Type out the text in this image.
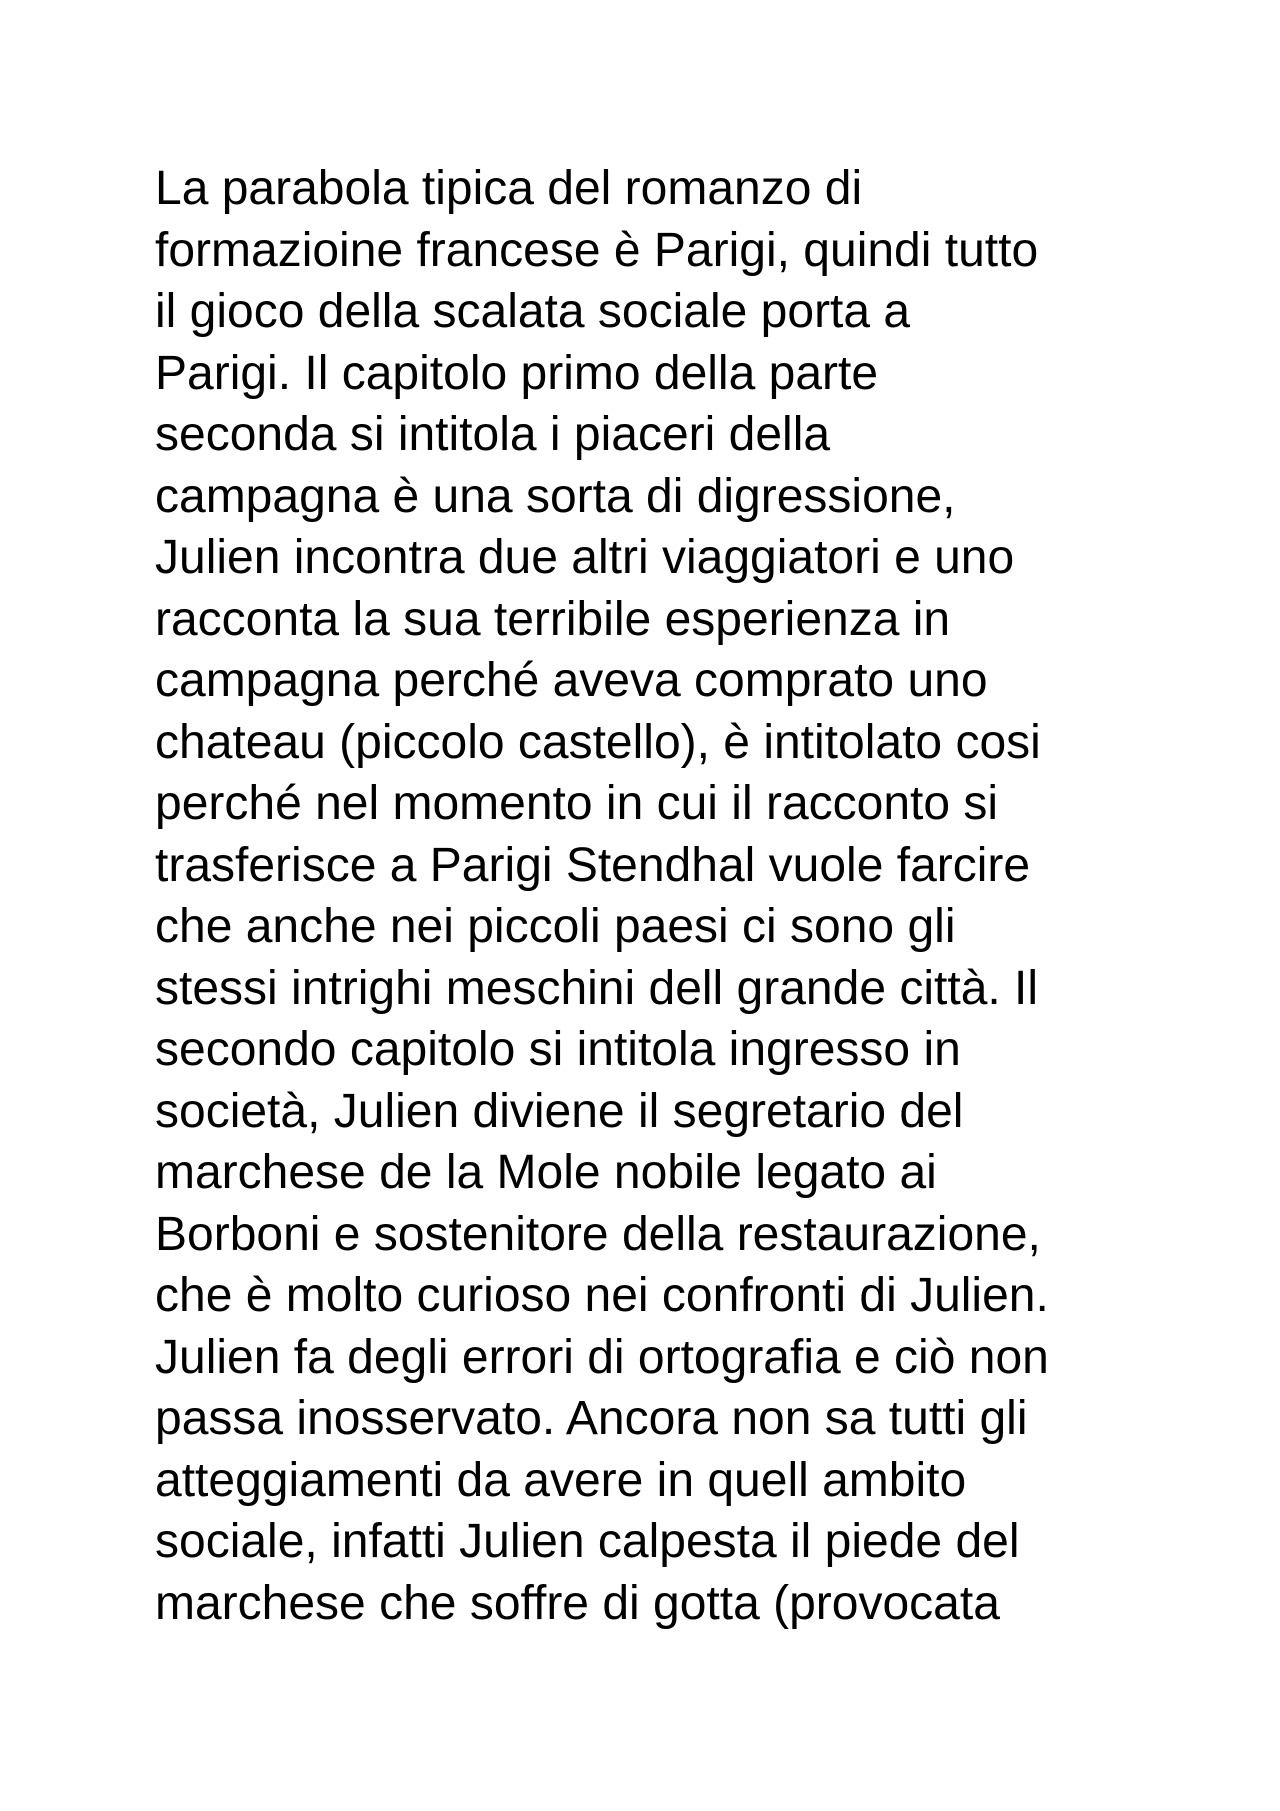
La parabola tipica del romanzo di
formazioine francese è Parigi, quindi tutto
il gioco della scalata sociale porta a
Parigi. Il capitolo primo della parte
seconda si intitola i piaceri della
campagna è una sorta di digressione,
Julien incontra due altri viaggiatori e uno
racconta la sua terribile esperienza in
campagna perché aveva comprato uno
chateau (piccolo castello), è intitolato cosi
perché nel momento in cui il racconto si
trasferisce a Parigi Stendhal vuole farcire
che anche nei piccoli paesi ci sono gli
stessi intrighi meschini dell grande città. Il
secondo capitolo si intitola ingresso in
società, Julien diviene il segretario del
marchese de la Mole nobile legato ai
Borboni e sostenitore della restaurazione,
che è molto curioso nei confronti di Julien.
Julien fa degli errori di ortografia e ciò non
passa inosservato. Ancora non sa tutti gli
atteggiamenti da avere in quell ambito
sociale, infatti Julien calpesta il piede del
marchese che soffre di gotta (provocata
